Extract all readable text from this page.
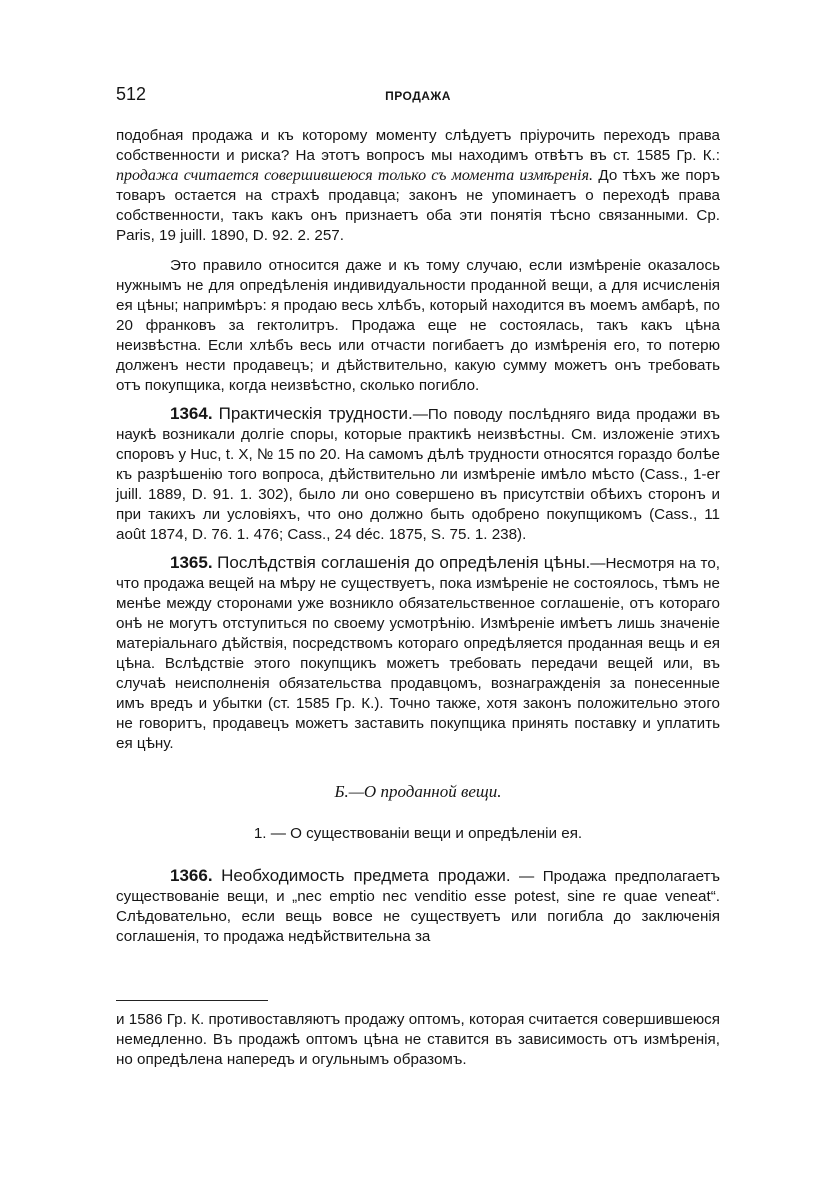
512	ПРОДАЖА

подобная продажа и къ которому моменту слѣдуетъ пріурочить переходъ права собственности и риска? На этотъ вопросъ мы находимъ отвѣтъ въ ст. 1585 Гр. К.: продажа считается совершившеюся только съ момента измѣренія. До тѣхъ же поръ товаръ остается на страхѣ продавца; законъ не упоминаетъ о переходѣ права собственности, такъ какъ онъ признаетъ оба эти понятія тѣсно связанными. Ср. Paris, 19 juill. 1890, D. 92. 2. 257.

Это правило относится даже и къ тому случаю, если измѣреніе оказалось нужнымъ не для опредѣленія индивидуальности проданной вещи, а для исчисленія ея цѣны; напримѣръ: я продаю весь хлѣбъ, который находится въ моемъ амбарѣ, по 20 франковъ за гектолитръ. Продажа еще не состоялась, такъ какъ цѣна неизвѣстна. Если хлѣбъ весь или отчасти погибаетъ до измѣренія его, то потерю долженъ нести продавецъ; и дѣйствительно, какую сумму можетъ онъ требовать отъ покупщика, когда неизвѣстно, сколько погибло.

1364. Практическія трудности.—По поводу послѣдняго вида продажи въ наукѣ возникали долгіе споры, которые практикѣ неизвѣстны. См. изложеніе этихъ споровъ у Huc, t. X, № 15 по 20. На самомъ дѣлѣ трудности относятся гораздо болѣе къ разрѣшенію того вопроса, дѣйствительно ли измѣреніе имѣло мѣсто (Cass., 1-er juill. 1889, D. 91. 1. 302), было ли оно совершено въ присутствіи обѣихъ сторонъ и при такихъ ли условіяхъ, что оно должно быть одобрено покупщикомъ (Cass., 11 août 1874, D. 76. 1. 476; Cass., 24 déc. 1875, S. 75. 1. 238).

1365. Послѣдствія соглашенія до опредѣленія цѣны.—Несмотря на то, что продажа вещей на мѣру не существуетъ, пока измѣреніе не состоялось, тѣмъ не менѣе между сторонами уже возникло обязательственное соглашеніе, отъ котораго онѣ не могутъ отступиться по своему усмотрѣнію. Измѣреніе имѣетъ лишь значеніе матеріальнаго дѣйствія, посредствомъ котораго опредѣляется проданная вещь и ея цѣна. Вслѣдствіе этого покупщикъ можетъ требовать передачи вещей или, въ случаѣ неисполненія обязательства продавцомъ, вознагражденія за понесенные имъ вредъ и убытки (ст. 1585 Гр. К.). Точно также, хотя законъ положительно этого не говоритъ, продавецъ можетъ заставить покупщика принять поставку и уплатить ея цѣну.

Б.—О проданной вещи.
1. — О существованіи вещи и опредѣленіи ея.

1366. Необходимость предмета продажи. — Продажа предполагаетъ существованіе вещи, и „nec emptio nec venditio esse potest, sine re quae veneat“. Слѣдовательно, если вещь вовсе не существуетъ или погибла до заключенія соглашенія, то продажа недѣйствительна за

и 1586 Гр. К. противоставляютъ продажу оптомъ, которая считается совершившеюся немедленно. Въ продажѣ оптомъ цѣна не ставится въ зависимость отъ измѣренія, но опредѣлена напередъ и огульнымъ образомъ.
